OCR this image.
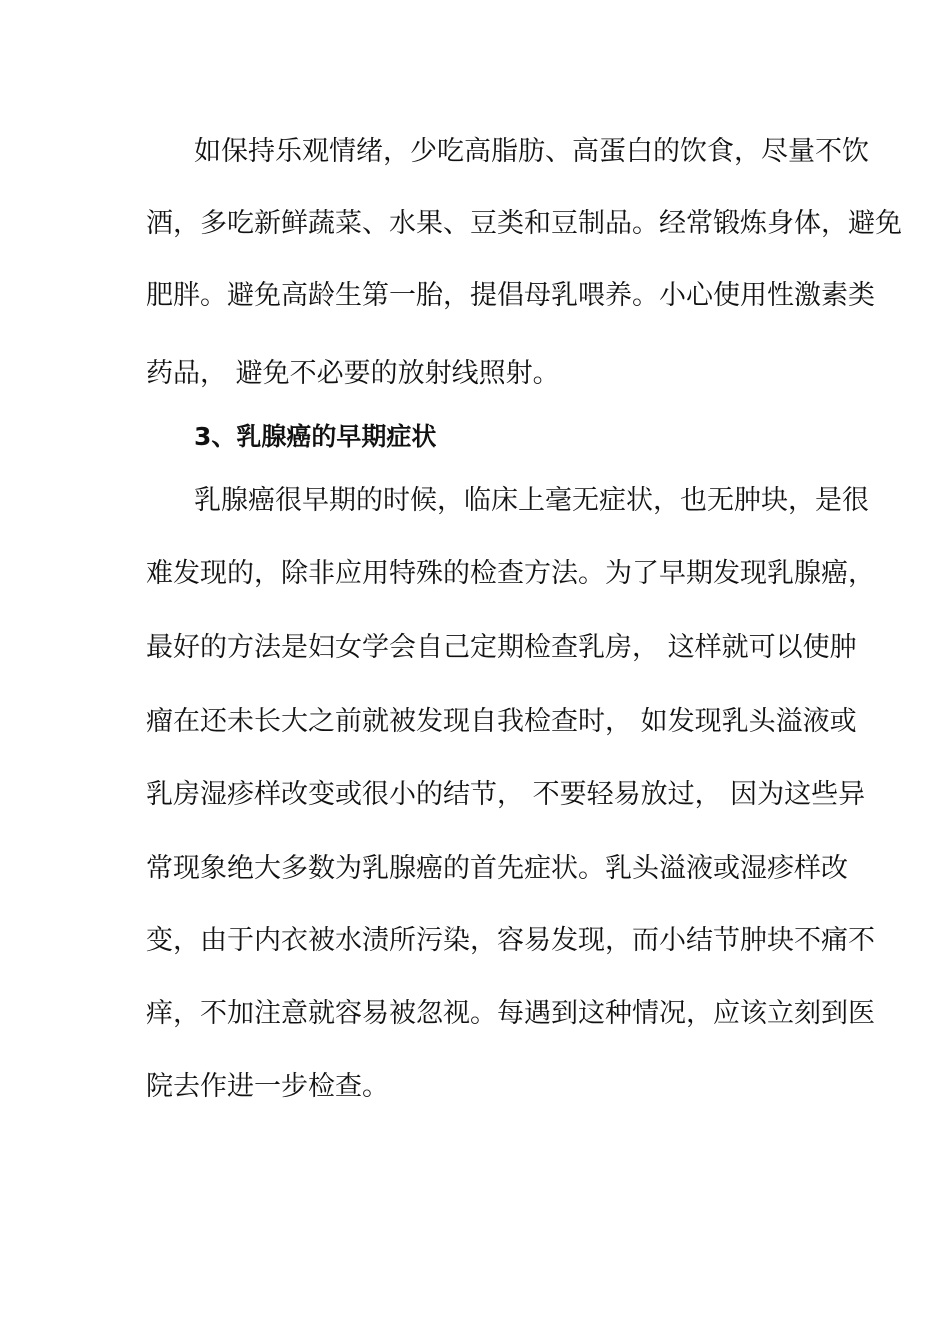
如保持乐观情绪，少吃高脂肪、高蛋白的饮食，尽量不饮
酒，多吃新鲜蔬菜、水果、豆类和豆制品。经常锻炼身体，避免
肥胖。避免高龄生第一胎，提倡母乳喂养。小心使用性激素类
药品， 避免不必要的放射线照射。
3、乳腺癌的早期症状
乳腺癌很早期的时候，临床上毫无症状，也无肿块，是很
难发现的，除非应用特殊的检查方法。为了早期发现乳腺癌，
最好的方法是妇女学会自己定期检查乳房， 这样就可以使肿
瘤在还未长大之前就被发现自我检查时， 如发现乳头溢液或
乳房湿疹样改变或很小的结节， 不要轻易放过， 因为这些异
常现象绝大多数为乳腺癌的首先症状。乳头溢液或湿疹样改
变，由于内衣被水渍所污染，容易发现，而小结节肿块不痛不
痒，不加注意就容易被忽视。每遇到这种情况，应该立刻到医
院去作进一步检查。
